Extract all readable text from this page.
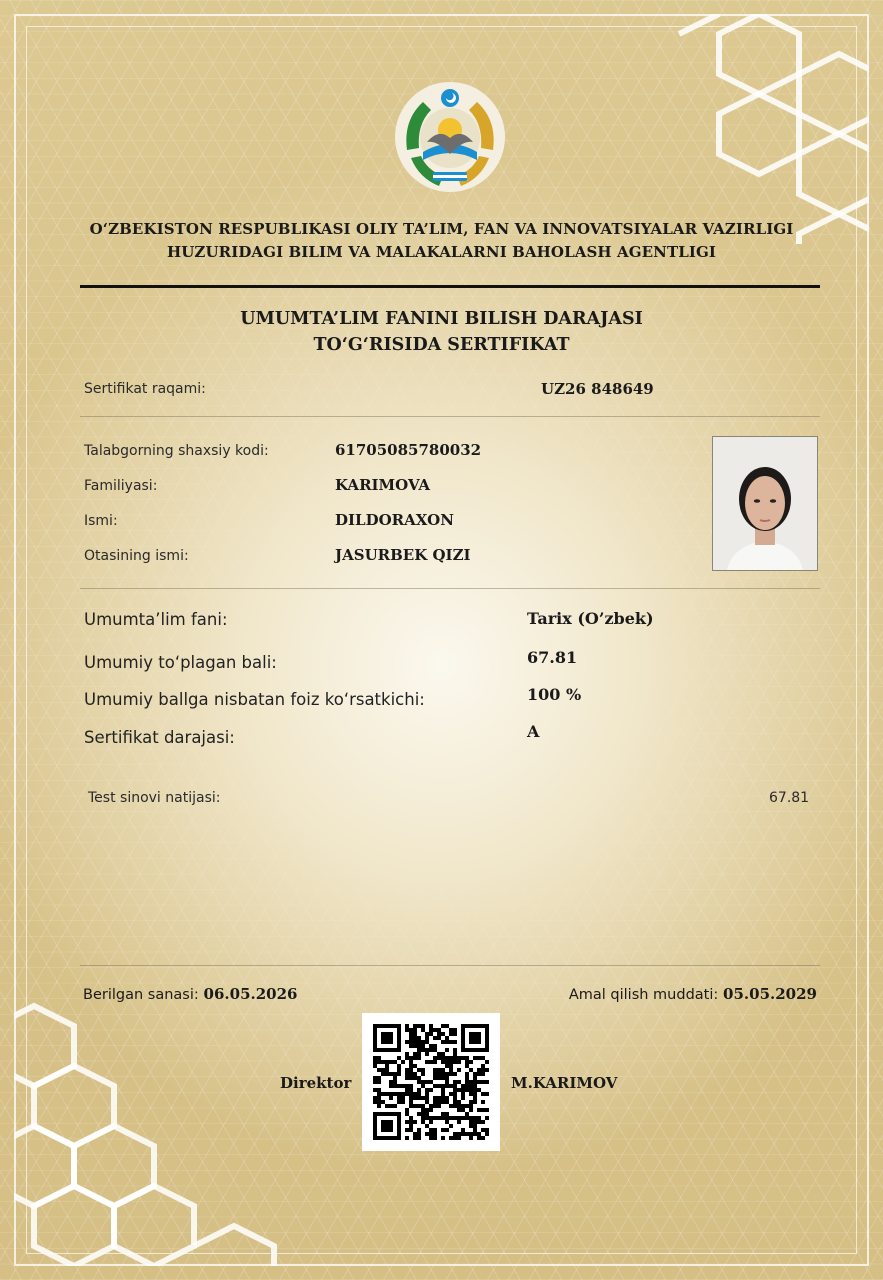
O‘ZBEKISTON RESPUBLIKASI OLIY TA’LIM, FAN VA INNOVATSIYALAR VAZIRLIGI
HUZURIDAGI BILIM VA MALAKALARNI BAHOLASH AGENTLIGI
UMUMTA’LIM FANINI BILISH DARAJASI
TO‘G‘RISIDA SERTIFIKAT
Sertifikat raqami:	UZ26 848649
Talabgorning shaxsiy kodi:	61705085780032
Familiyasi:	KARIMOVA
Ismi:	DILDORAXON
Otasining ismi:	JASURBEK QIZI
Umumta’lim fani:	Tarix (O’zbek)
Umumiy to‘plagan bali:	67.81
Umumiy ballga nisbatan foiz ko‘rsatkichi:	100 %
Sertifikat darajasi:	A
Test sinovi natijasi:	67.81
Berilgan sanasi: 06.05.2026	Amal qilish muddati: 05.05.2029
Direktor	M.KARIMOV
